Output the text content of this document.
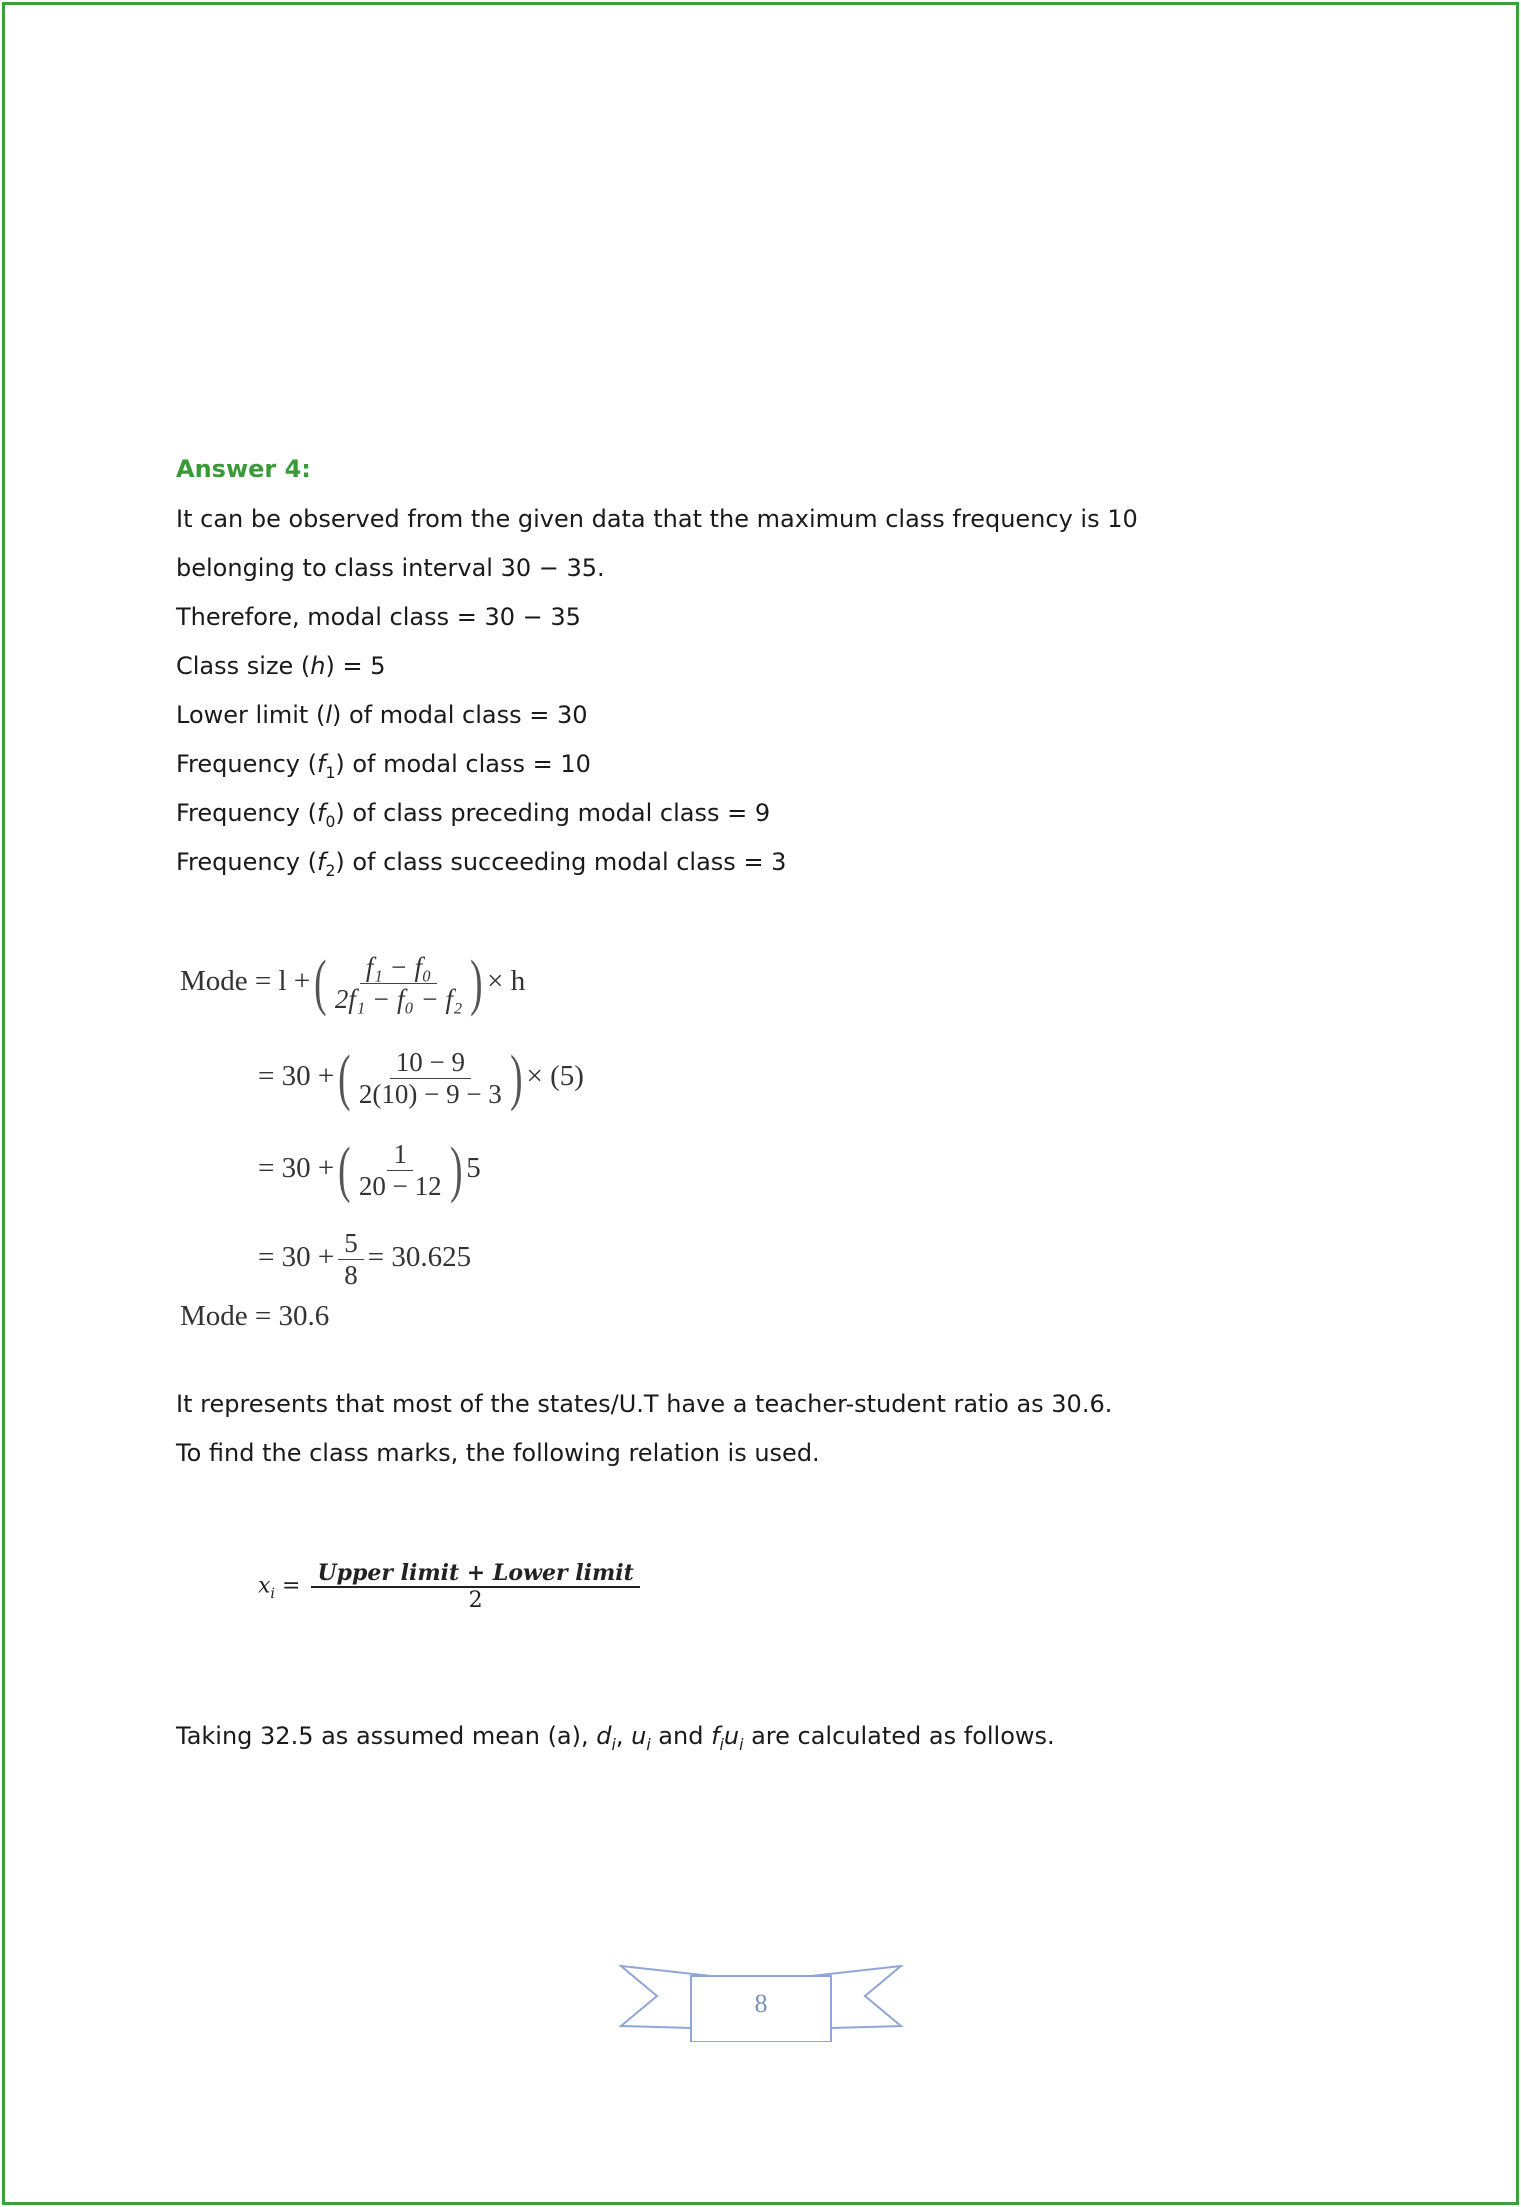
Answer 4:
It can be observed from the given data that the maximum class frequency is 10
belonging to class interval 30 − 35.
Therefore, modal class = 30 − 35
Class size (h) = 5
Lower limit (l) of modal class = 30
Frequency $(f_1)$ of modal class = 10
Frequency $(f_0)$ of class preceding modal class = 9
Frequency $(f_2)$ of class succeeding modal class = 3
Mode = l +( $\frac{\text{f₁ − f₀}}{\text{2f₁ − f₀ − f₂}}$ ) × h
= 30 +( $\frac{10 - 9}{2(10) - 9 - 3}$ ) × (5)
= 30 +( $\frac{1}{20 - 12}$ ) 5
= $30 + \frac{5}{8} = 30.625$
Mode = 30.6
It represents that most of the states/U.T have a teacher-student ratio as 30.6.
To find the class marks, the following relation is used.
$x_i$ = Upper limit + Lower limit
2
Taking 32.5 as assumed mean (a), $d_i$, $u_i$ and $f_iu_i$ are calculated as follows.
8
